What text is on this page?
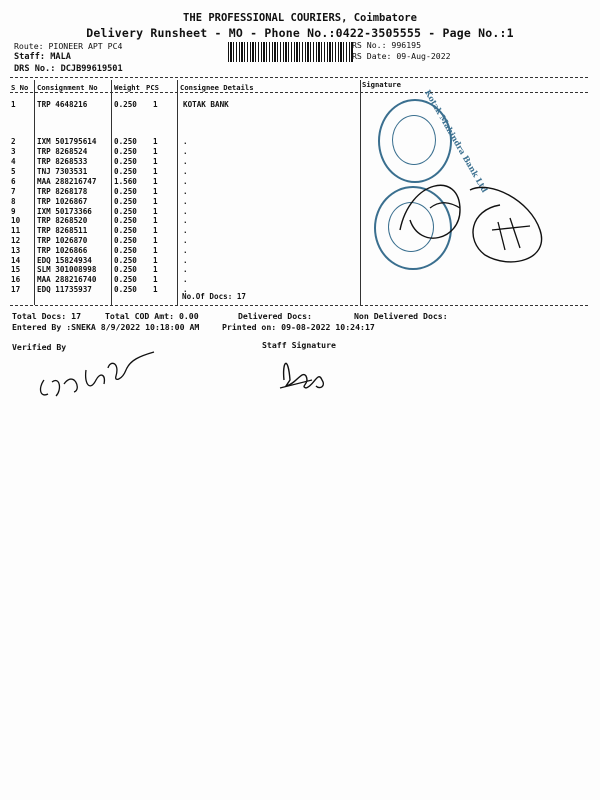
THE PROFESSIONAL COURIERS, Coimbatore
Delivery Runsheet - MO - Phone No.:0422-3505555 - Page No.:1
Route: PIONEER APT PC4
Staff: MALA
DRS No.: DCJB99619501
RS No.: 996195
RS Date: 09-Aug-2022
S No Consignment No Weight PCS	Consignee Details	Signature
1	TRP 4648216	0.250 1	KOTAK BANK
2	IXM 501795614 0.250 1	.
3	TRP 8268524	0.250 1	.
4	TRP 8268533	0.250 1	.
5	TNJ 7303531	0.250 1	.
6	MAA 288216747 1.560 1	.
7	TRP 8268178	0.250 1	.
8	TRP 1026867	0.250 1	.
9	IXM 50173366	0.250 1	.
10 TRP 8268520	0.250 1	.
11 TRP 8268511	0.250 1	.
12 TRP 1026870	0.250 1	.
13 TRP 1026866	0.250 1	.
14 EDQ 15824934	0.250 1	.
15 SLM 301008998 0.250 1	.
16 MAA 288216740 0.250 1	.
17 EDQ 11735937	0.250 1	.
No.Of Docs: 17
Kotak Mahindra Bank Ltd
Total Docs: 17	Total COD Amt: 0.00	Delivered Docs:	Non Delivered Docs:
Entered By :SNEKA 8/9/2022 10:18:00 AM	Printed on: 09-08-2022 10:24:17
Verified By	Staff Signature
